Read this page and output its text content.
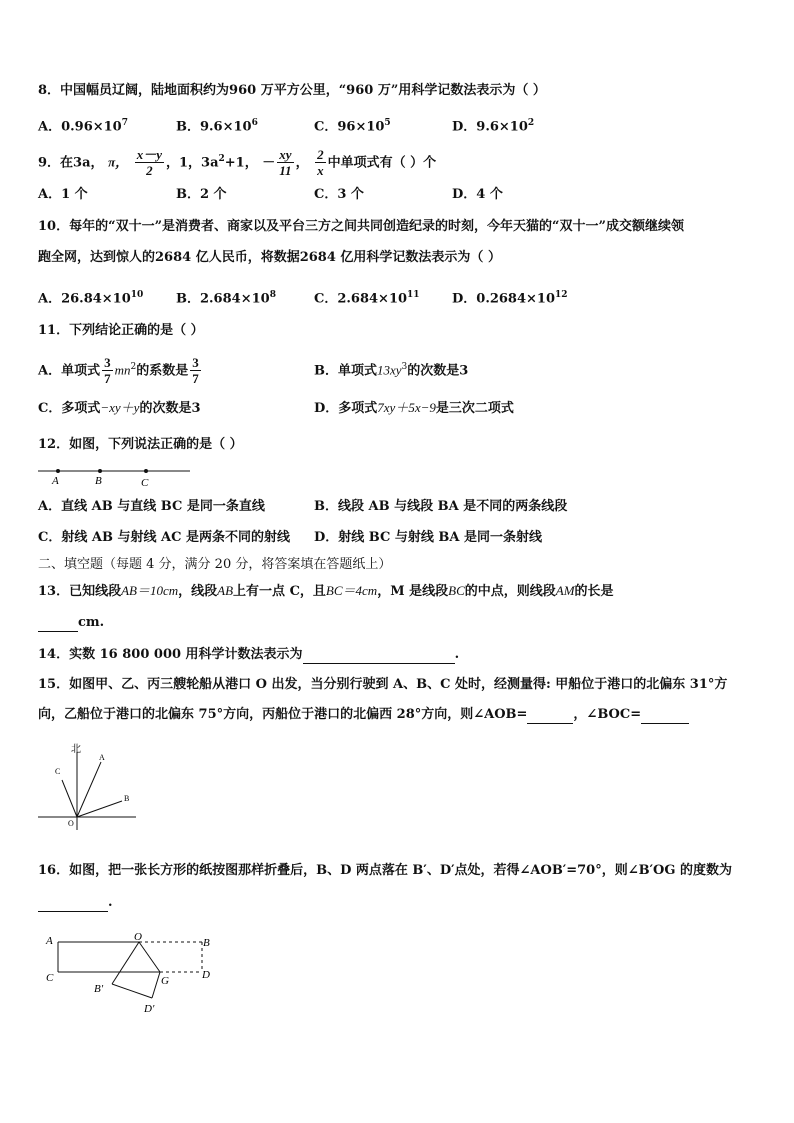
8．中国幅员辽阔，陆地面积约为960 万平方公里，“960 万”用科学记数法表示为（ ）
A．$0.96\times 10^7$	B．$9.6\times 10^6$	C．$96\times 10^5$	D．$9.6\times 10^2$
9．在3a， π， $\frac{x-y}{2}$ ，1，$3a^2+1$， － $\frac{xy}{11}$ ， $\frac{2}{x}$ 中单项式有（ ）个
A．1 个	B．2 个	C．3 个	D．4 个
10．每年的“双十一”是消费者、商家以及平台三方之间共同创造纪录的时刻，今年天猫的“双十一”成交额继续领
跑全网，达到惊人的2684 亿人民币，将数据2684 亿用科学记数法表示为（ ）
A．$26.84\times 10^{10}$	B．$2.684\times 10^8$	C．$2.684\times 10^{11}$ D．$0.2684\times 10^{12}$
11．下列结论正确的是（ ）
A．单项式 $\frac{3}{7} mn^2$的系数是 $\frac{3}{7}$	B．单项式$13xy^3$的次数是3
C．多项式−xy＋y的次数是3	D．多项式7xy＋5x−9是三次二项式
12．如图，下列说法正确的是（ ）
A	B	C
A．直线 AB 与直线 BC 是同一条直线	B．线段 AB 与线段 BA 是不同的两条线段
C．射线 AB 与射线 AC 是两条不同的射线 D．射线 BC 与射线 BA 是同一条射线
二、填空题（每题 4 分，满分 20 分，将答案填在答题纸上）
13．已知线段AB＝10cm，线段AB上有一点 C，且BC＝4cm，M 是线段BC的中点，则线段AM的长是
cm.
14．实数 16 800 000 用科学计数法表示为	.
15．如图甲、乙、丙三艘轮船从港口 O 出发，当分别行驶到 A、B、C 处时，经测量得: 甲船位于港口的北偏东 31°方
向，乙船位于港口的北偏东 75°方向，丙船位于港口的北偏西 28°方向，则∠AOB=	，∠BOC=
北
A
B
C
O
16．如图，把一张长方形的纸按图那样折叠后，B、D 两点落在 B′、D′点处，若得∠AOB′=70°，则∠B′OG 的度数为
.
A	O	B
C	D
G
B′
D′
